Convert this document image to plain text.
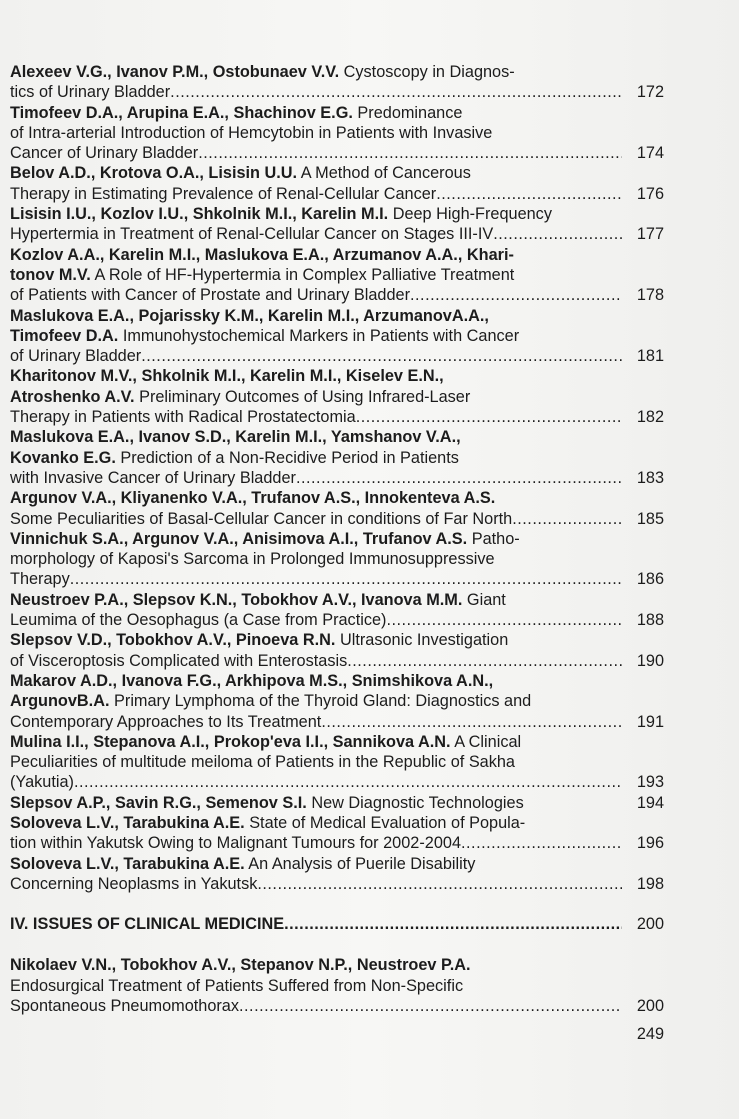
Alexeev V.G., Ivanov P.M., Ostobunaev V.V. Cystoscopy in Diagnos-
tics of Urinary Bladder .....	172
Timofeev D.A., Arupina E.A., Shachinov E.G. Predominance
of Intra-arterial Introduction of Hemcytobin in Patients with Invasive
Cancer of Urinary Bladder .....	174
Belov A.D., Krotova O.A., Lisisin U.U. A Method of Cancerous
Therapy in Estimating Prevalence of Renal-Cellular Cancer .....	176
Lisisin I.U., Kozlov I.U., Shkolnik M.I., Karelin M.I. Deep High-Frequency
Hypertermia in Treatment of Renal-Cellular Cancer on Stages III-IV .....	177
Kozlov A.A., Karelin M.I., Maslukova E.A., Arzumanov A.A., Khari-
tonov M.V. A Role of HF-Hypertermia in Complex Palliative Treatment
of Patients with Cancer of Prostate and Urinary Bladder .....	178
Maslukova E.A., Pojarissky K.M., Karelin M.I., ArzumanovA.A.,
Timofeev D.A. Immunohystochemical Markers in Patients with Cancer
of Urinary Bladder .....	181
Kharitonov M.V., Shkolnik M.I., Karelin M.I., Kiselev E.N.,
Atroshenko A.V. Preliminary Outcomes of Using Infrared-Laser
Therapy in Patients with Radical Prostatectomia .....	182
Maslukova E.A., Ivanov S.D., Karelin M.I., Yamshanov V.A.,
Kovanko E.G. Prediction of a Non-Recidive Period in Patients
with Invasive Cancer of Urinary Bladder .....	183
Argunov V.A., Kliyanenko V.A., Trufanov A.S., Innokenteva A.S.
Some Peculiarities of Basal-Cellular Cancer in conditions of Far North .....	185
Vinnichuk S.A., Argunov V.A., Anisimova A.I., Trufanov A.S. Patho-
morphology of Kaposi's Sarcoma in Prolonged Immunosuppressive
Therapy .....	186
Neustroev P.A., Slepsov K.N., Tobokhov A.V., Ivanova M.M. Giant
Leumima of the Oesophagus (a Case from Practice) .....	188
Slepsov V.D., Tobokhov A.V., Pinoeva R.N. Ultrasonic Investigation
of Visceroptosis Complicated with Enterostasis .....	190
Makarov A.D., Ivanova F.G., Arkhipova M.S., Snimshikova A.N.,
ArgunovB.A. Primary Lymphoma of the Thyroid Gland: Diagnostics and
Contemporary Approaches to Its Treatment .....	191
Mulina I.I., Stepanova A.I., Prokop'eva I.I., Sannikova A.N. A Clinical
Peculiarities of multitude meiloma of Patients in the Republic of Sakha
(Yakutia) .....	193
Slepsov A.P., Savin R.G., Semenov S.I. New Diagnostic Technologies	194
Soloveva L.V., Tarabukina A.E. State of Medical Evaluation of Popula-
tion within Yakutsk Owing to Malignant Tumours for 2002-2004 .....	196
Soloveva L.V., Tarabukina A.E. An Analysis of Puerile Disability
Concerning Neoplasms in Yakutsk .....	198
IV. ISSUES OF CLINICAL MEDICINE .....	200
Nikolaev V.N., Tobokhov A.V., Stepanov N.P., Neustroev P.A.
Endosurgical Treatment of Patients Suffered from Non-Specific
Spontaneous Pneumomothorax .....	200
249
